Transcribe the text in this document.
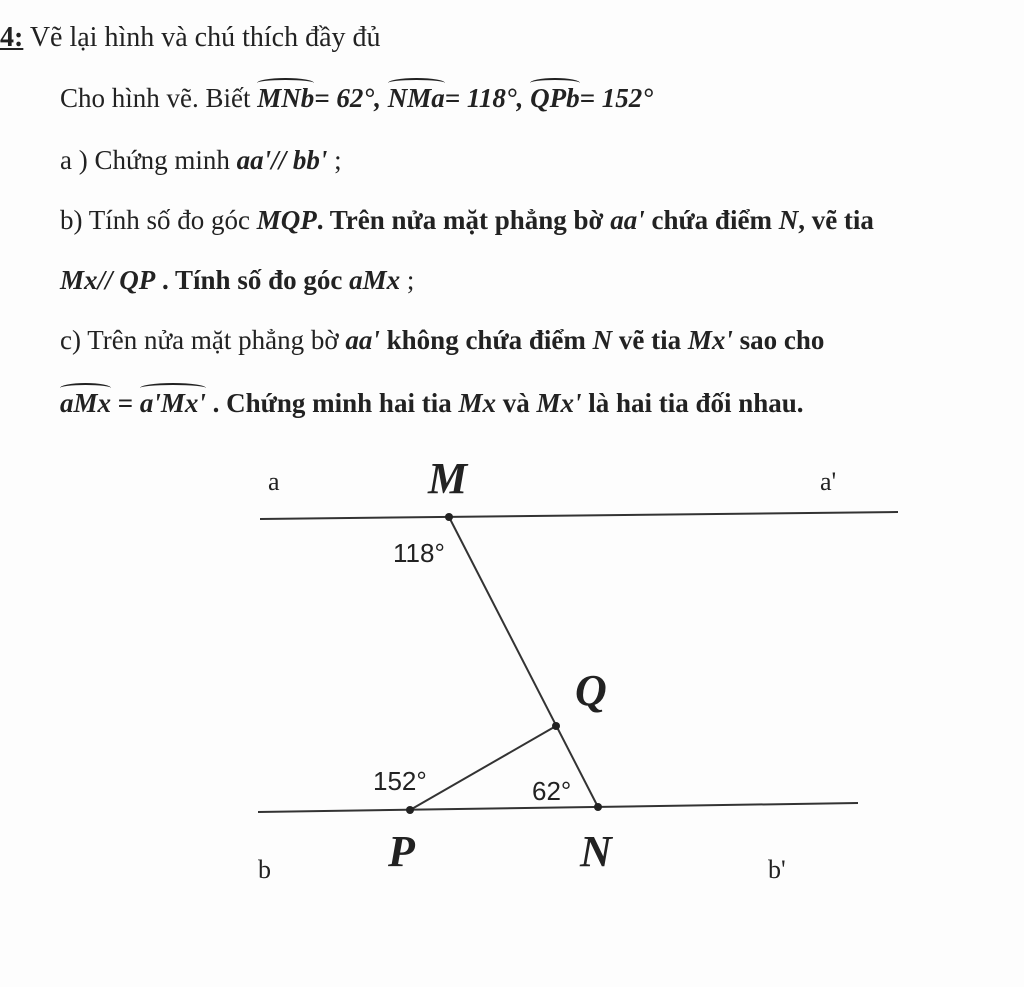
4: Vẽ lại hình và chú thích đầy đủ
Cho hình vẽ. Biết MNb= 62°, NMa= 118°, QPb= 152°
a ) Chứng minh aa'// bb' ;
b) Tính số đo góc MQP. Trên nửa mặt phẳng bờ aa' chứa điểm N, vẽ tia
Mx// QP . Tính số đo góc aMx ;
c) Trên nửa mặt phẳng bờ aa' không chứa điểm N vẽ tia Mx' sao cho
aMx = a'Mx' . Chứng minh hai tia Mx và Mx' là hai tia đối nhau.
a	a'
b	b'
M
Q
P	N
118°
152°	62°
